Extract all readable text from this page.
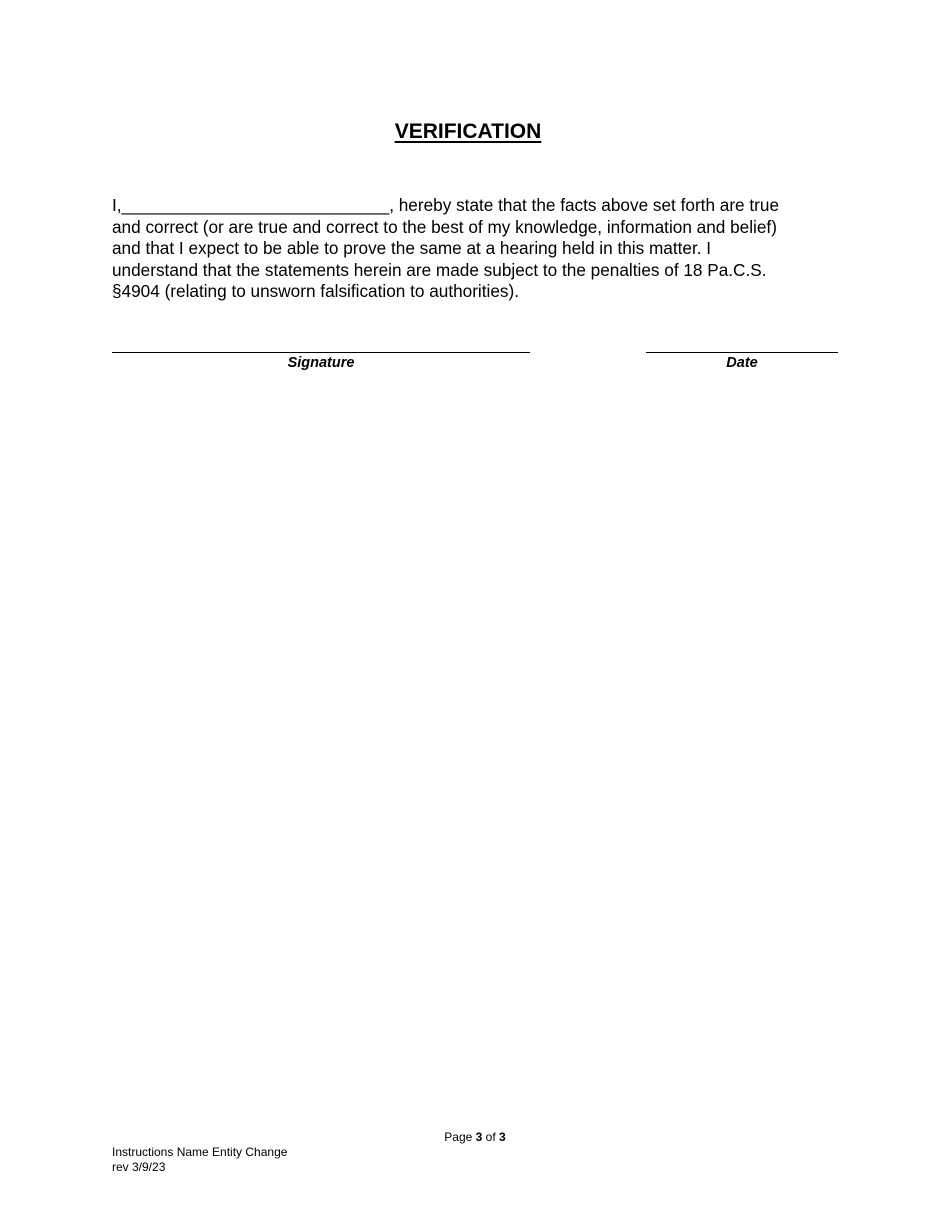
VERIFICATION

I,____________________________, hereby state that the facts above set forth are true
and correct (or are true and correct to the best of my knowledge, information and belief)
and that I expect to be able to prove the same at a hearing held in this matter. I
understand that the statements herein are made subject to the penalties of 18 Pa.C.S.
§4904 (relating to unsworn falsification to authorities).

Signature	Date
Page 3 of 3
Instructions Name Entity Change
rev 3/9/23
